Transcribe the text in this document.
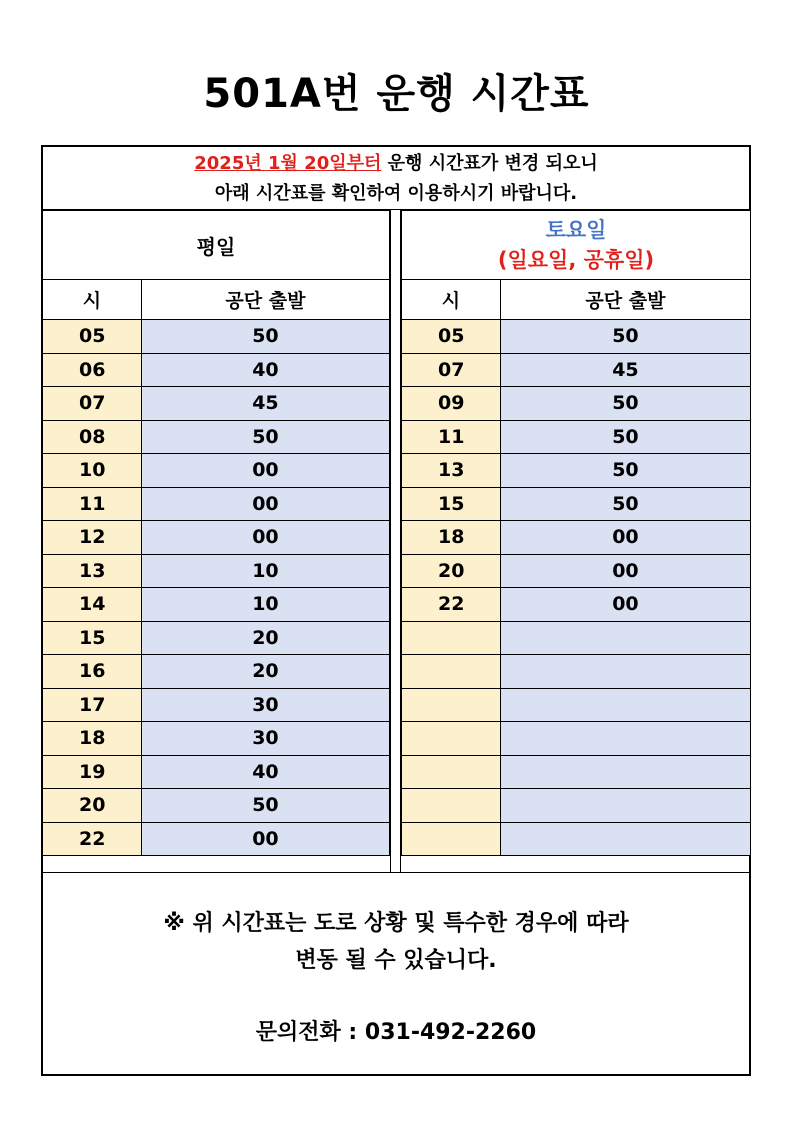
501A번 운행 시간표
2025년 1월 20일부터 운행 시간표가 변경 되오니
아래 시간표를 확인하여 이용하시기 바랍니다.
평일	
시	공단 출발
05	50
06	40
07	45
08	50
10	00
11	00
12	00
13	10
14	10
15	20
16	20
17	30
18	30
19	40
20	50
22	00
토요일
(일요일, 공휴일)	

시	공단 출발
05	50
07	45
09	50
11	50
13	50
15	50
18	00
20	00
22	00

※ 위 시간표는 도로 상황 및 특수한 경우에 따라
변동 될 수 있습니다.
문의전화 : 031-492-2260
